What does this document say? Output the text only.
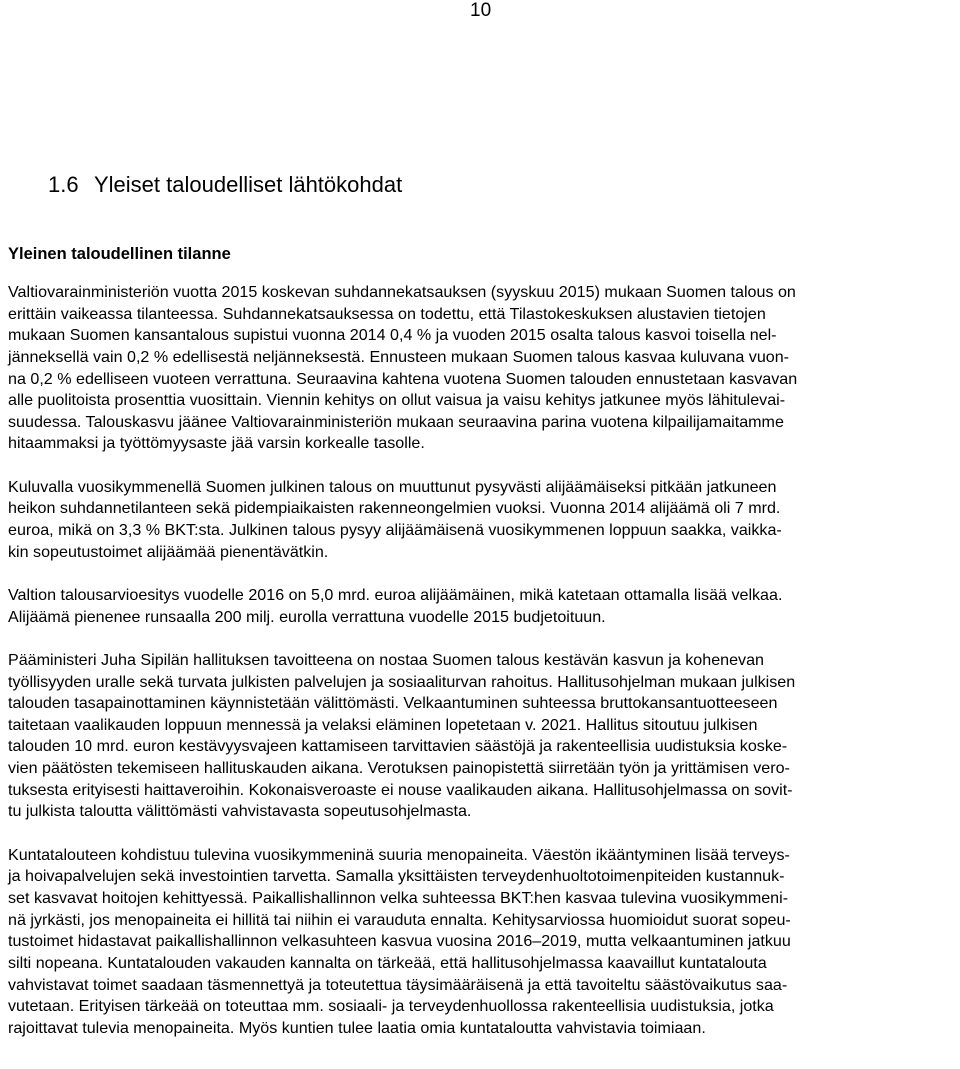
10
1.6 Yleiset taloudelliset lähtökohdat
Yleinen taloudellinen tilanne
Valtiovarainministeriön vuotta 2015 koskevan suhdannekatsauksen (syyskuu 2015) mukaan Suomen talous on
erittäin vaikeassa tilanteessa. Suhdannekatsauksessa on todettu, että Tilastokeskuksen alustavien tietojen
mukaan Suomen kansantalous supistui vuonna 2014 0,4 % ja vuoden 2015 osalta talous kasvoi toisella nel-
jänneksellä vain 0,2 % edellisestä neljänneksestä. Ennusteen mukaan Suomen talous kasvaa kuluvana vuon-
na 0,2 % edelliseen vuoteen verrattuna. Seuraavina kahtena vuotena Suomen talouden ennustetaan kasvavan
alle puolitoista prosenttia vuosittain. Viennin kehitys on ollut vaisua ja vaisu kehitys jatkunee myös lähitulevai-
suudessa. Talouskasvu jäänee Valtiovarainministeriön mukaan seuraavina parina vuotena kilpailijamaitamme
hitaammaksi ja työttömyysaste jää varsin korkealle tasolle.
Kuluvalla vuosikymmenellä Suomen julkinen talous on muuttunut pysyvästi alijäämäiseksi pitkään jatkuneen
heikon suhdannetilanteen sekä pidempiaikaisten rakenneongelmien vuoksi. Vuonna 2014 alijäämä oli 7 mrd.
euroa, mikä on 3,3 % BKT:sta. Julkinen talous pysyy alijäämäisenä vuosikymmenen loppuun saakka, vaikka-
kin sopeutustoimet alijäämää pienentävätkin.
Valtion talousarvioesitys vuodelle 2016 on 5,0 mrd. euroa alijäämäinen, mikä katetaan ottamalla lisää velkaa.
Alijäämä pienenee runsaalla 200 milj. eurolla verrattuna vuodelle 2015 budjetoituun.
Pääministeri Juha Sipilän hallituksen tavoitteena on nostaa Suomen talous kestävän kasvun ja kohenevan
työllisyyden uralle sekä turvata julkisten palvelujen ja sosiaaliturvan rahoitus. Hallitusohjelman mukaan julkisen
talouden tasapainottaminen käynnistetään välittömästi. Velkaantuminen suhteessa bruttokansantuotteeseen
taitetaan vaalikauden loppuun mennessä ja velaksi eläminen lopetetaan v. 2021. Hallitus sitoutuu julkisen
talouden 10 mrd. euron kestävyysvajeen kattamiseen tarvittavien säästöjä ja rakenteellisia uudistuksia koske-
vien päätösten tekemiseen hallituskauden aikana. Verotuksen painopistettä siirretään työn ja yrittämisen vero-
tuksesta erityisesti haittaveroihin. Kokonaisveroaste ei nouse vaalikauden aikana. Hallitusohjelmassa on sovit-
tu julkista taloutta välittömästi vahvistavasta sopeutusohjelmasta.
Kuntatalouteen kohdistuu tulevina vuosikymmeninä suuria menopaineita. Väestön ikääntyminen lisää terveys-
ja hoivapalvelujen sekä investointien tarvetta. Samalla yksittäisten terveydenhuoltotoimenpiteiden kustannuk-
set kasvavat hoitojen kehittyessä. Paikallishallinnon velka suhteessa BKT:hen kasvaa tulevina vuosikymmeni-
nä jyrkästi, jos menopaineita ei hillitä tai niihin ei varauduta ennalta. Kehitysarviossa huomioidut suorat sopeu-
tustoimet hidastavat paikallishallinnon velkasuhteen kasvua vuosina 2016–2019, mutta velkaantuminen jatkuu
silti nopeana. Kuntatalouden vakauden kannalta on tärkeää, että hallitusohjelmassa kaavaillut kuntatalouta
vahvistavat toimet saadaan täsmennettyä ja toteutettua täysimääräisenä ja että tavoiteltu säästövaikutus saa-
vutetaan. Erityisen tärkeää on toteuttaa mm. sosiaali- ja terveydenhuollossa rakenteellisia uudistuksia, jotka
rajoittavat tulevia menopaineita. Myös kuntien tulee laatia omia kuntataloutta vahvistavia toimiaan.
